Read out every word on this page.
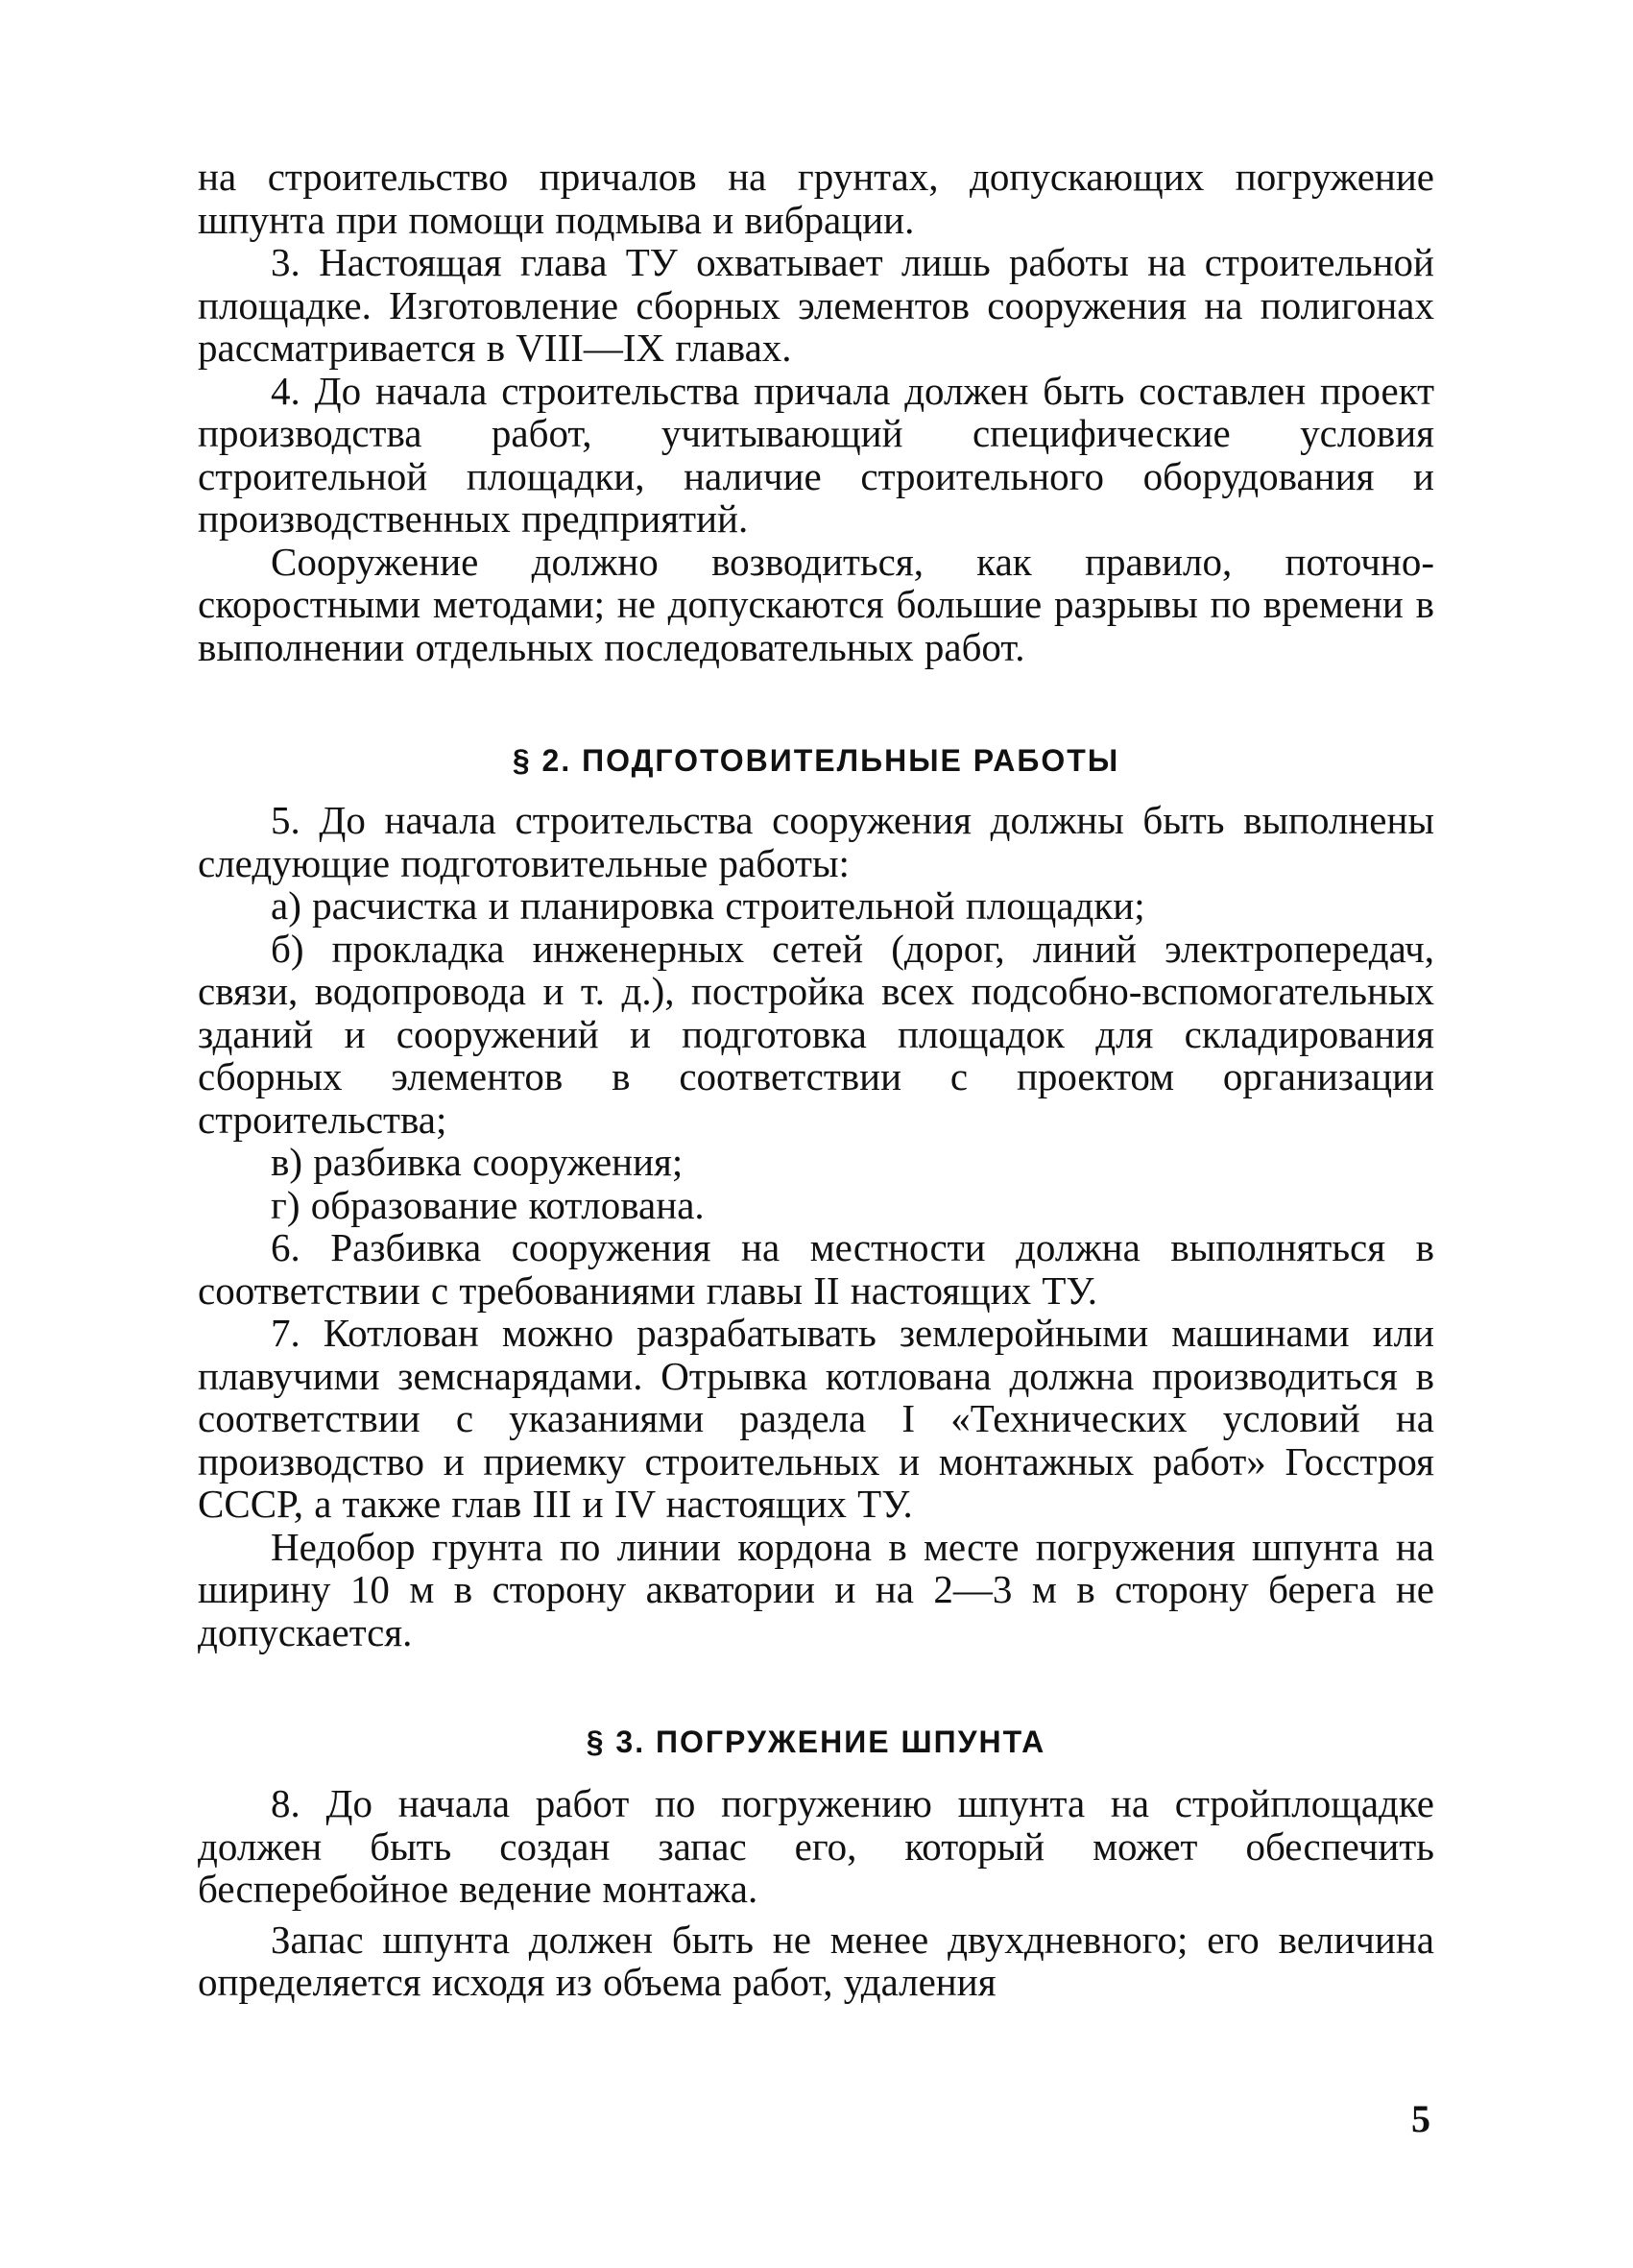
на строительство причалов на грунтах, допускающих погружение шпунта при помощи подмыва и вибрации.

3. Настоящая глава ТУ охватывает лишь работы на строительной площадке. Изготовление сборных элементов сооружения на полигонах рассматривается в VIII—IX главах.

4. До начала строительства причала должен быть составлен проект производства работ, учитывающий специфические условия строительной площадки, наличие строительного оборудования и производственных предприятий.

Сооружение должно возводиться, как правило, поточно-скоростными методами; не допускаются большие разрывы по времени в выполнении отдельных последовательных работ.

§ 2. ПОДГОТОВИТЕЛЬНЫЕ РАБОТЫ

5. До начала строительства сооружения должны быть выполнены следующие подготовительные работы:

а) расчистка и планировка строительной площадки;

б) прокладка инженерных сетей (дорог, линий электропередач, связи, водопровода и т. д.), постройка всех подсобно-вспомогательных зданий и сооружений и подготовка площадок для складирования сборных элементов в соответствии с проектом организации строительства;

в) разбивка сооружения;

г) образование котлована.

6. Разбивка сооружения на местности должна выполняться в соответствии с требованиями главы II настоящих ТУ.

7. Котлован можно разрабатывать землеройными машинами или плавучими земснарядами. Отрывка котлована должна производиться в соответствии с указаниями раздела I «Технических условий на производство и приемку строительных и монтажных работ» Госстроя СССР, а также глав III и IV настоящих ТУ.

Недобор грунта по линии кордона в месте погружения шпунта на ширину 10 м в сторону акватории и на 2—3 м в сторону берега не допускается.

§ 3. ПОГРУЖЕНИЕ ШПУНТА

8. До начала работ по погружению шпунта на стройплощадке должен быть создан запас его, который может обеспечить бесперебойное ведение монтажа.

Запас шпунта должен быть не менее двухдневного; его величина определяется исходя из объема работ, удаления

5
